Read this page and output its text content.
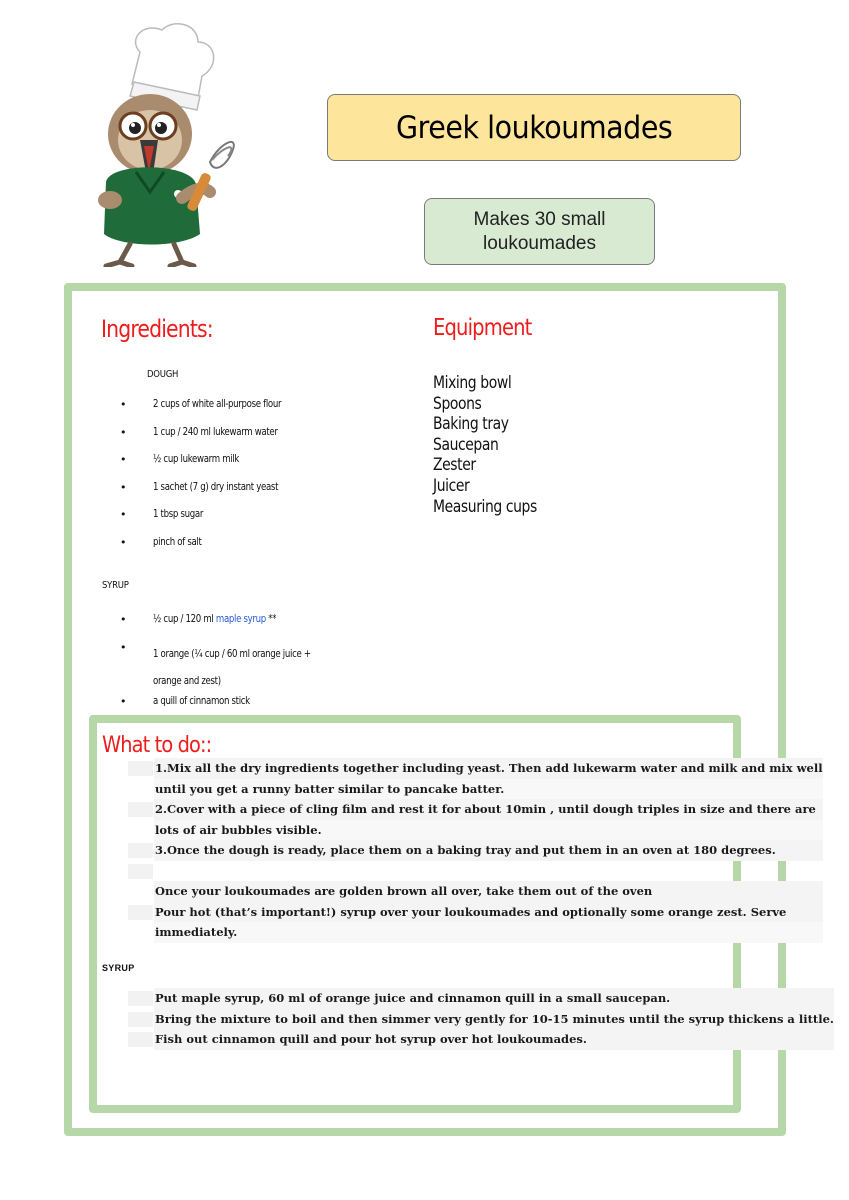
Greek loukoumades
Makes 30 small loukoumades
Ingredients:	Equipment
DOUGH
•	2 cups of white all-purpose flour
•	1 cup / 240 ml lukewarm water
•	½ cup lukewarm milk
•	1 sachet (7 g) dry instant yeast
•	1 tbsp sugar
•	pinch of salt
SYRUP
•	½ cup / 120 ml maple syrup **
•	1 orange (¼ cup / 60 ml orange juice + orange and zest)
•	a quill of cinnamon stick
Mixing bowl
Spoons
Baking tray
Saucepan
Zester
Juicer
Measuring cups
What to do::
1.Mix all the dry ingredients together including yeast. Then add lukewarm water and milk and mix well
until you get a runny batter similar to pancake batter.
2.Cover with a piece of cling film and rest it for about 10min , until dough triples in size and there are
lots of air bubbles visible.
3.Once the dough is ready, place them on a baking tray and put them in an oven at 180 degrees.
Once your loukoumades are golden brown all over, take them out of the oven
Pour hot (that’s important!) syrup over your loukoumades and optionally some orange zest. Serve
immediately.
SYRUP
Put maple syrup, 60 ml of orange juice and cinnamon quill in a small saucepan.
Bring the mixture to boil and then simmer very gently for 10-15 minutes until the syrup thickens a little.
Fish out cinnamon quill and pour hot syrup over hot loukoumades.
